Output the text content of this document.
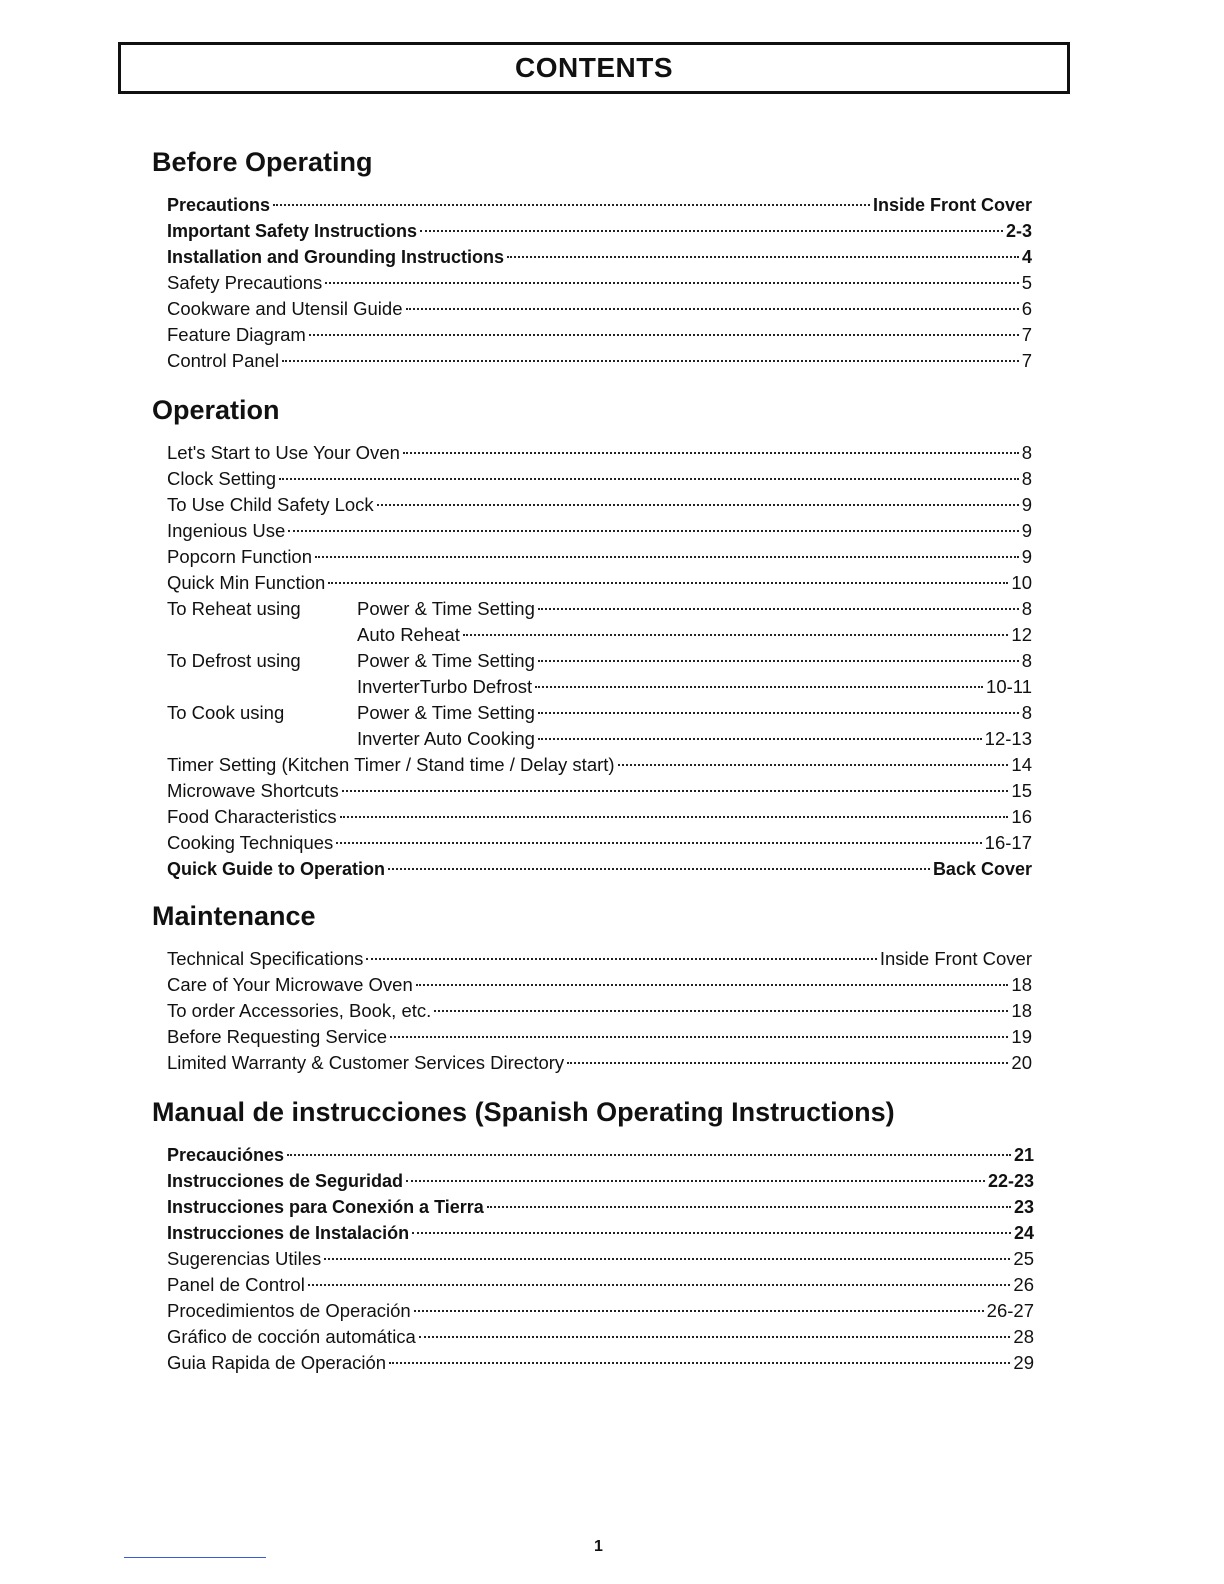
CONTENTS
Before Operating
Precautions	Inside Front Cover
Important Safety Instructions	2-3
Installation and Grounding Instructions	4
Safety Precautions	5
Cookware and Utensil Guide	6
Feature Diagram	7
Control Panel	7
Operation
Let's Start to Use Your Oven	8
Clock Setting	8
To Use Child Safety Lock	9
Ingenious Use	9
Popcorn Function	9
Quick Min Function	10
To Reheat using	Power & Time Setting	8
Auto Reheat	12
To Defrost using	Power & Time Setting	8
InverterTurbo Defrost	10-11
To Cook using	Power & Time Setting	8
Inverter Auto Cooking	12-13
Timer Setting (Kitchen Timer / Stand time / Delay start)	14
Microwave Shortcuts	15
Food Characteristics	16
Cooking Techniques	16-17
Quick Guide to Operation	Back Cover
Maintenance
Technical Specifications	Inside Front Cover
Care of Your Microwave Oven	18
To order Accessories, Book, etc.	18
Before Requesting Service	19
Limited Warranty & Customer Services Directory	20
Manual de instrucciones (Spanish Operating Instructions)
Precauciónes	21
Instrucciones de Seguridad	22-23
Instrucciones para Conexión a Tierra	23
Instrucciones de Instalación	24
Sugerencias Utiles	25
Panel de Control	26
Procedimientos de Operación	26-27
Gráfico de cocción automática	28
Guia Rapida de Operación	29
1
